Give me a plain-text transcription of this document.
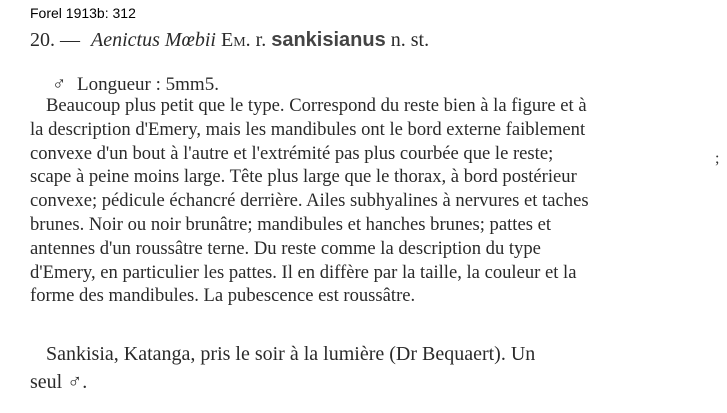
Forel 1913b: 312
20. — Aenictus Mœbii Em. r. sankisianus n. st.
♂ Longueur : 5mm5.
Beaucoup plus petit que le type. Correspond du reste bien à la figure et à
la description d'Emery, mais les mandibules ont le bord externe faiblement
convexe d'un bout à l'autre et l'extrémité pas plus courbée que le reste;
scape à peine moins large. Tête plus large que le thorax, à bord postérieur
convexe; pédicule échancré derrière. Ailes subhyalines à nervures et taches
brunes. Noir ou noir brunâtre; mandibules et hanches brunes; pattes et
antennes d'un roussâtre terne. Du reste comme la description du type
d'Emery, en particulier les pattes. Il en diffère par la taille, la couleur et la
forme des mandibules. La pubescence est roussâtre.
Sankisia, Katanga, pris le soir à la lumière (Dr Bequaert). Un
seul ♂.
;
